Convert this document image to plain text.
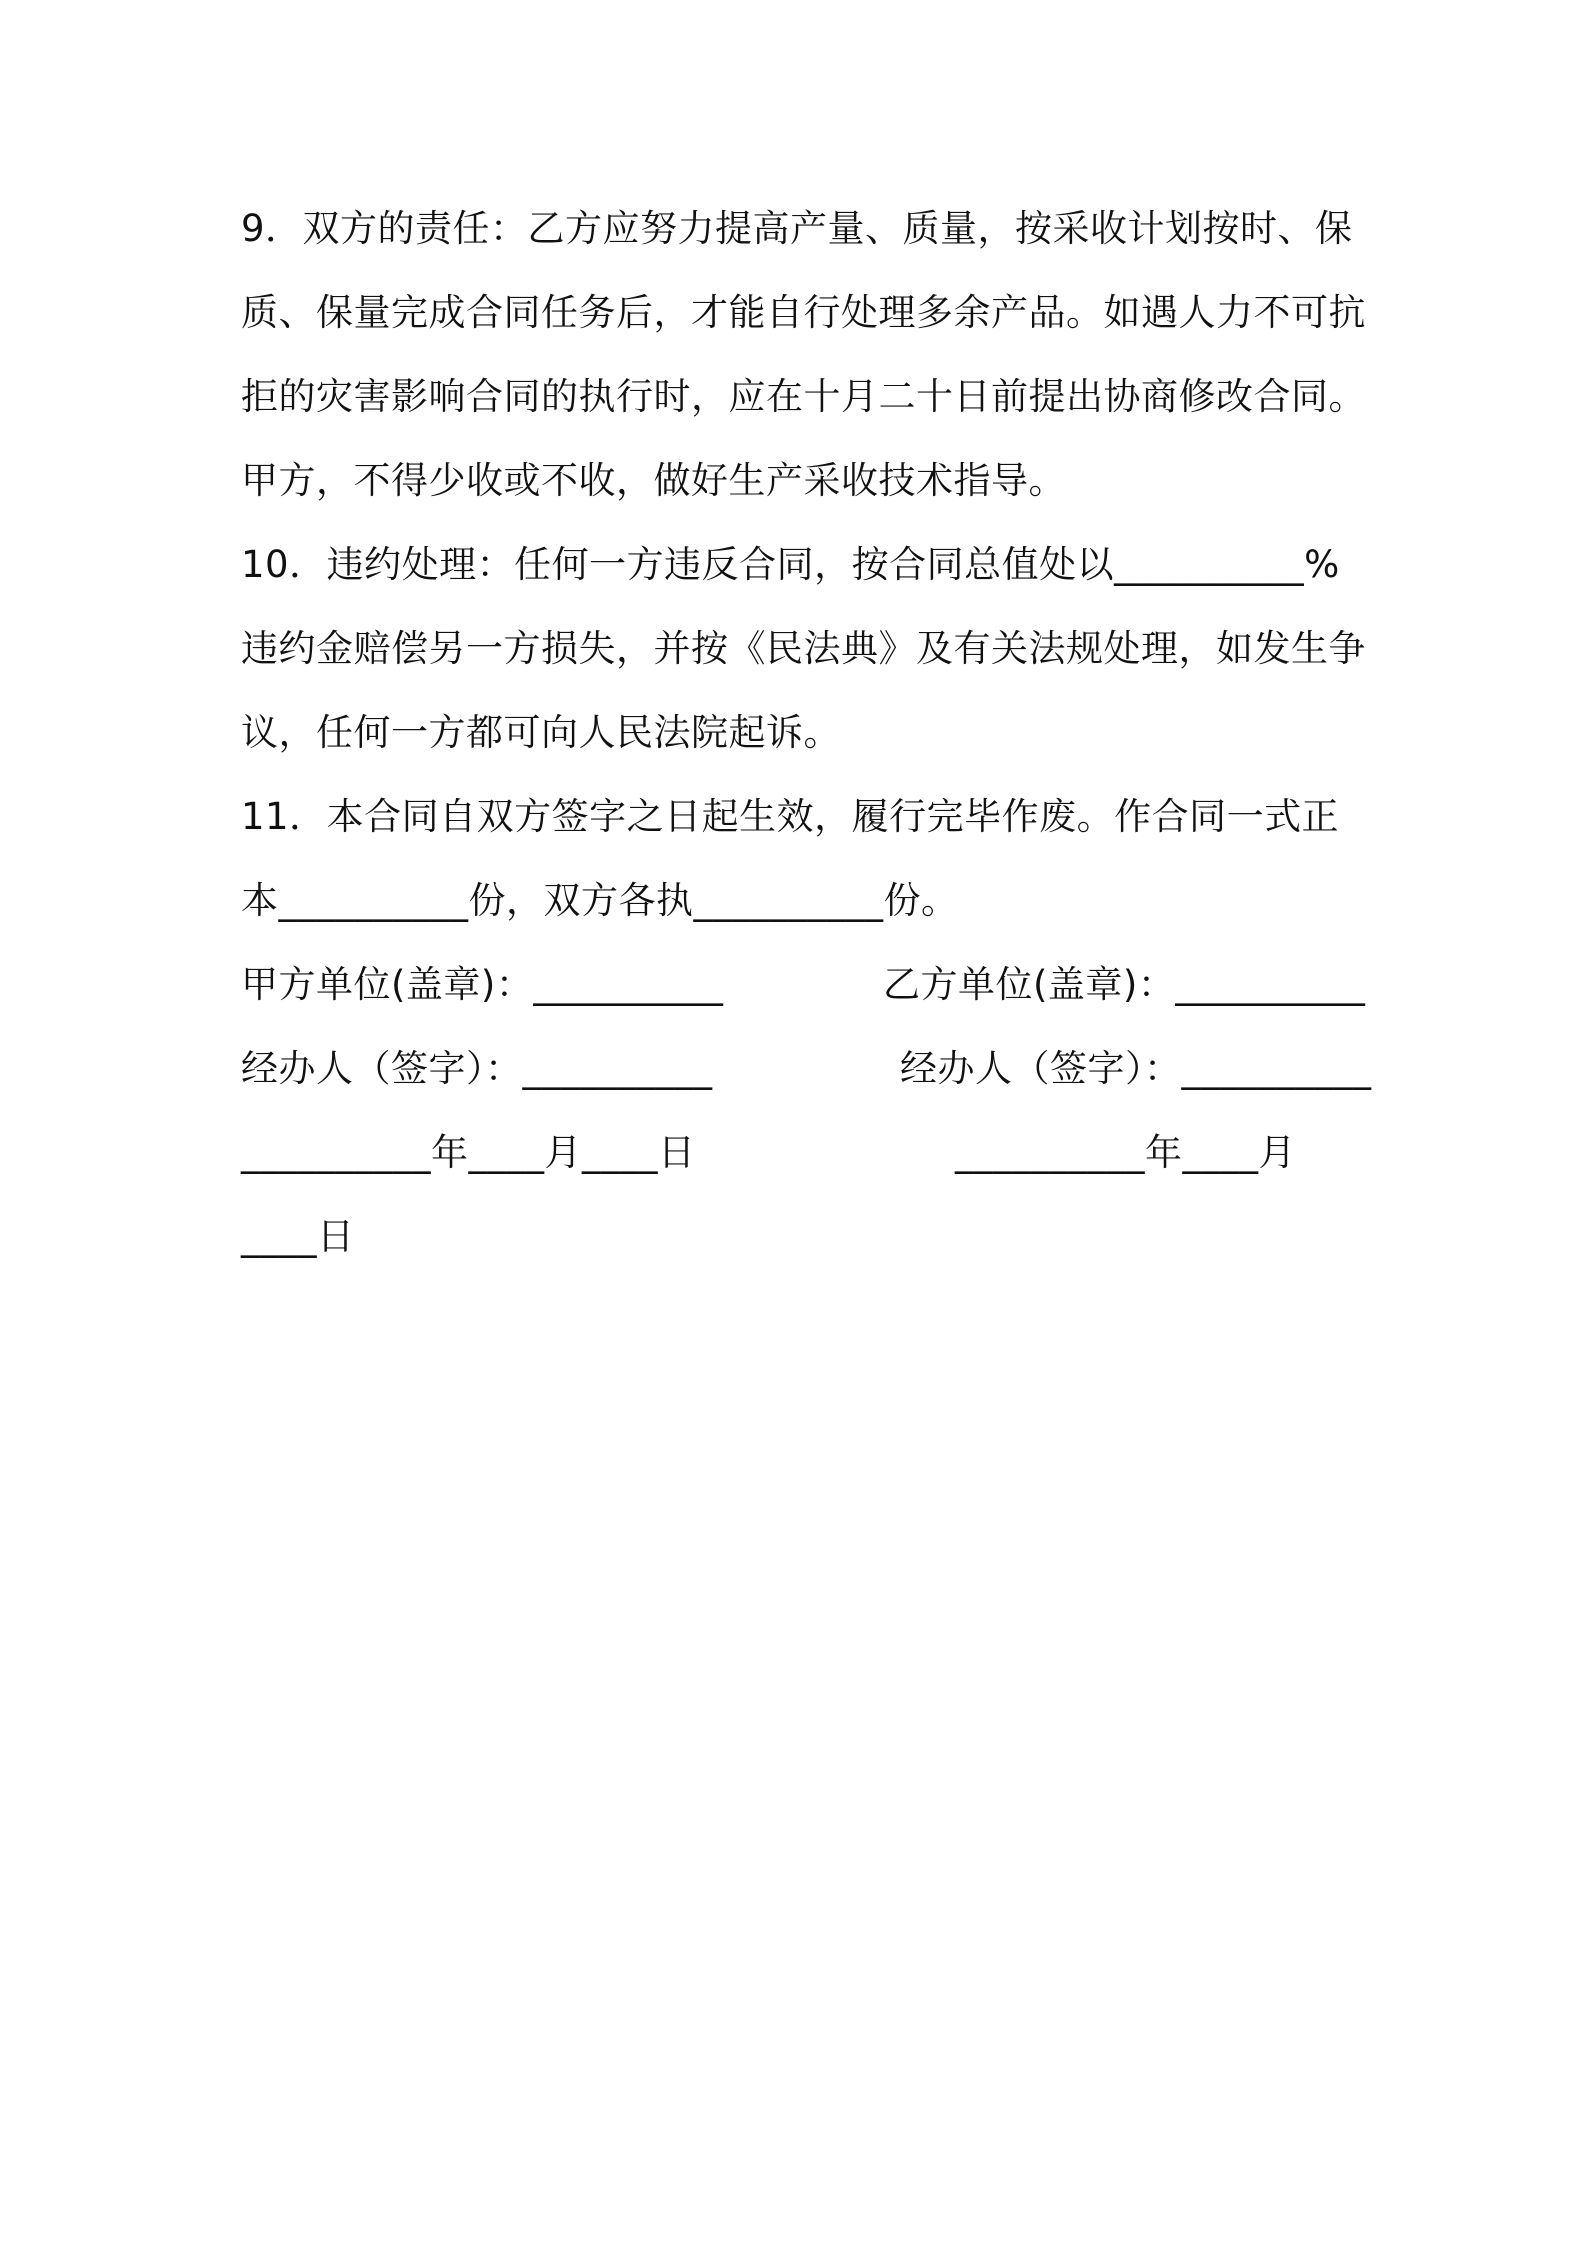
9．双方的责任：乙方应努力提高产量、质量，按采收计划按时、保
质、保量完成合同任务后，才能自行处理多余产品。如遇人力不可抗
拒的灾害影响合同的执行时，应在十月二十日前提出协商修改合同。
甲方，不得少收或不收，做好生产采收技术指导。
10．违约处理：任何一方违反合同，按合同总值处以__________%
违约金赔偿另一方损失，并按《民法典》及有关法规处理，如发生争
议，任何一方都可向人民法院起诉。
11．本合同自双方签字之日起生效，履行完毕作废。作合同一式正
本__________份，双方各执__________份。
甲方单位(盖章)：__________	乙方单位(盖章)：__________
经办人（签字）：__________	经办人（签字）：__________
__________年____月____日	__________年____月
____日
